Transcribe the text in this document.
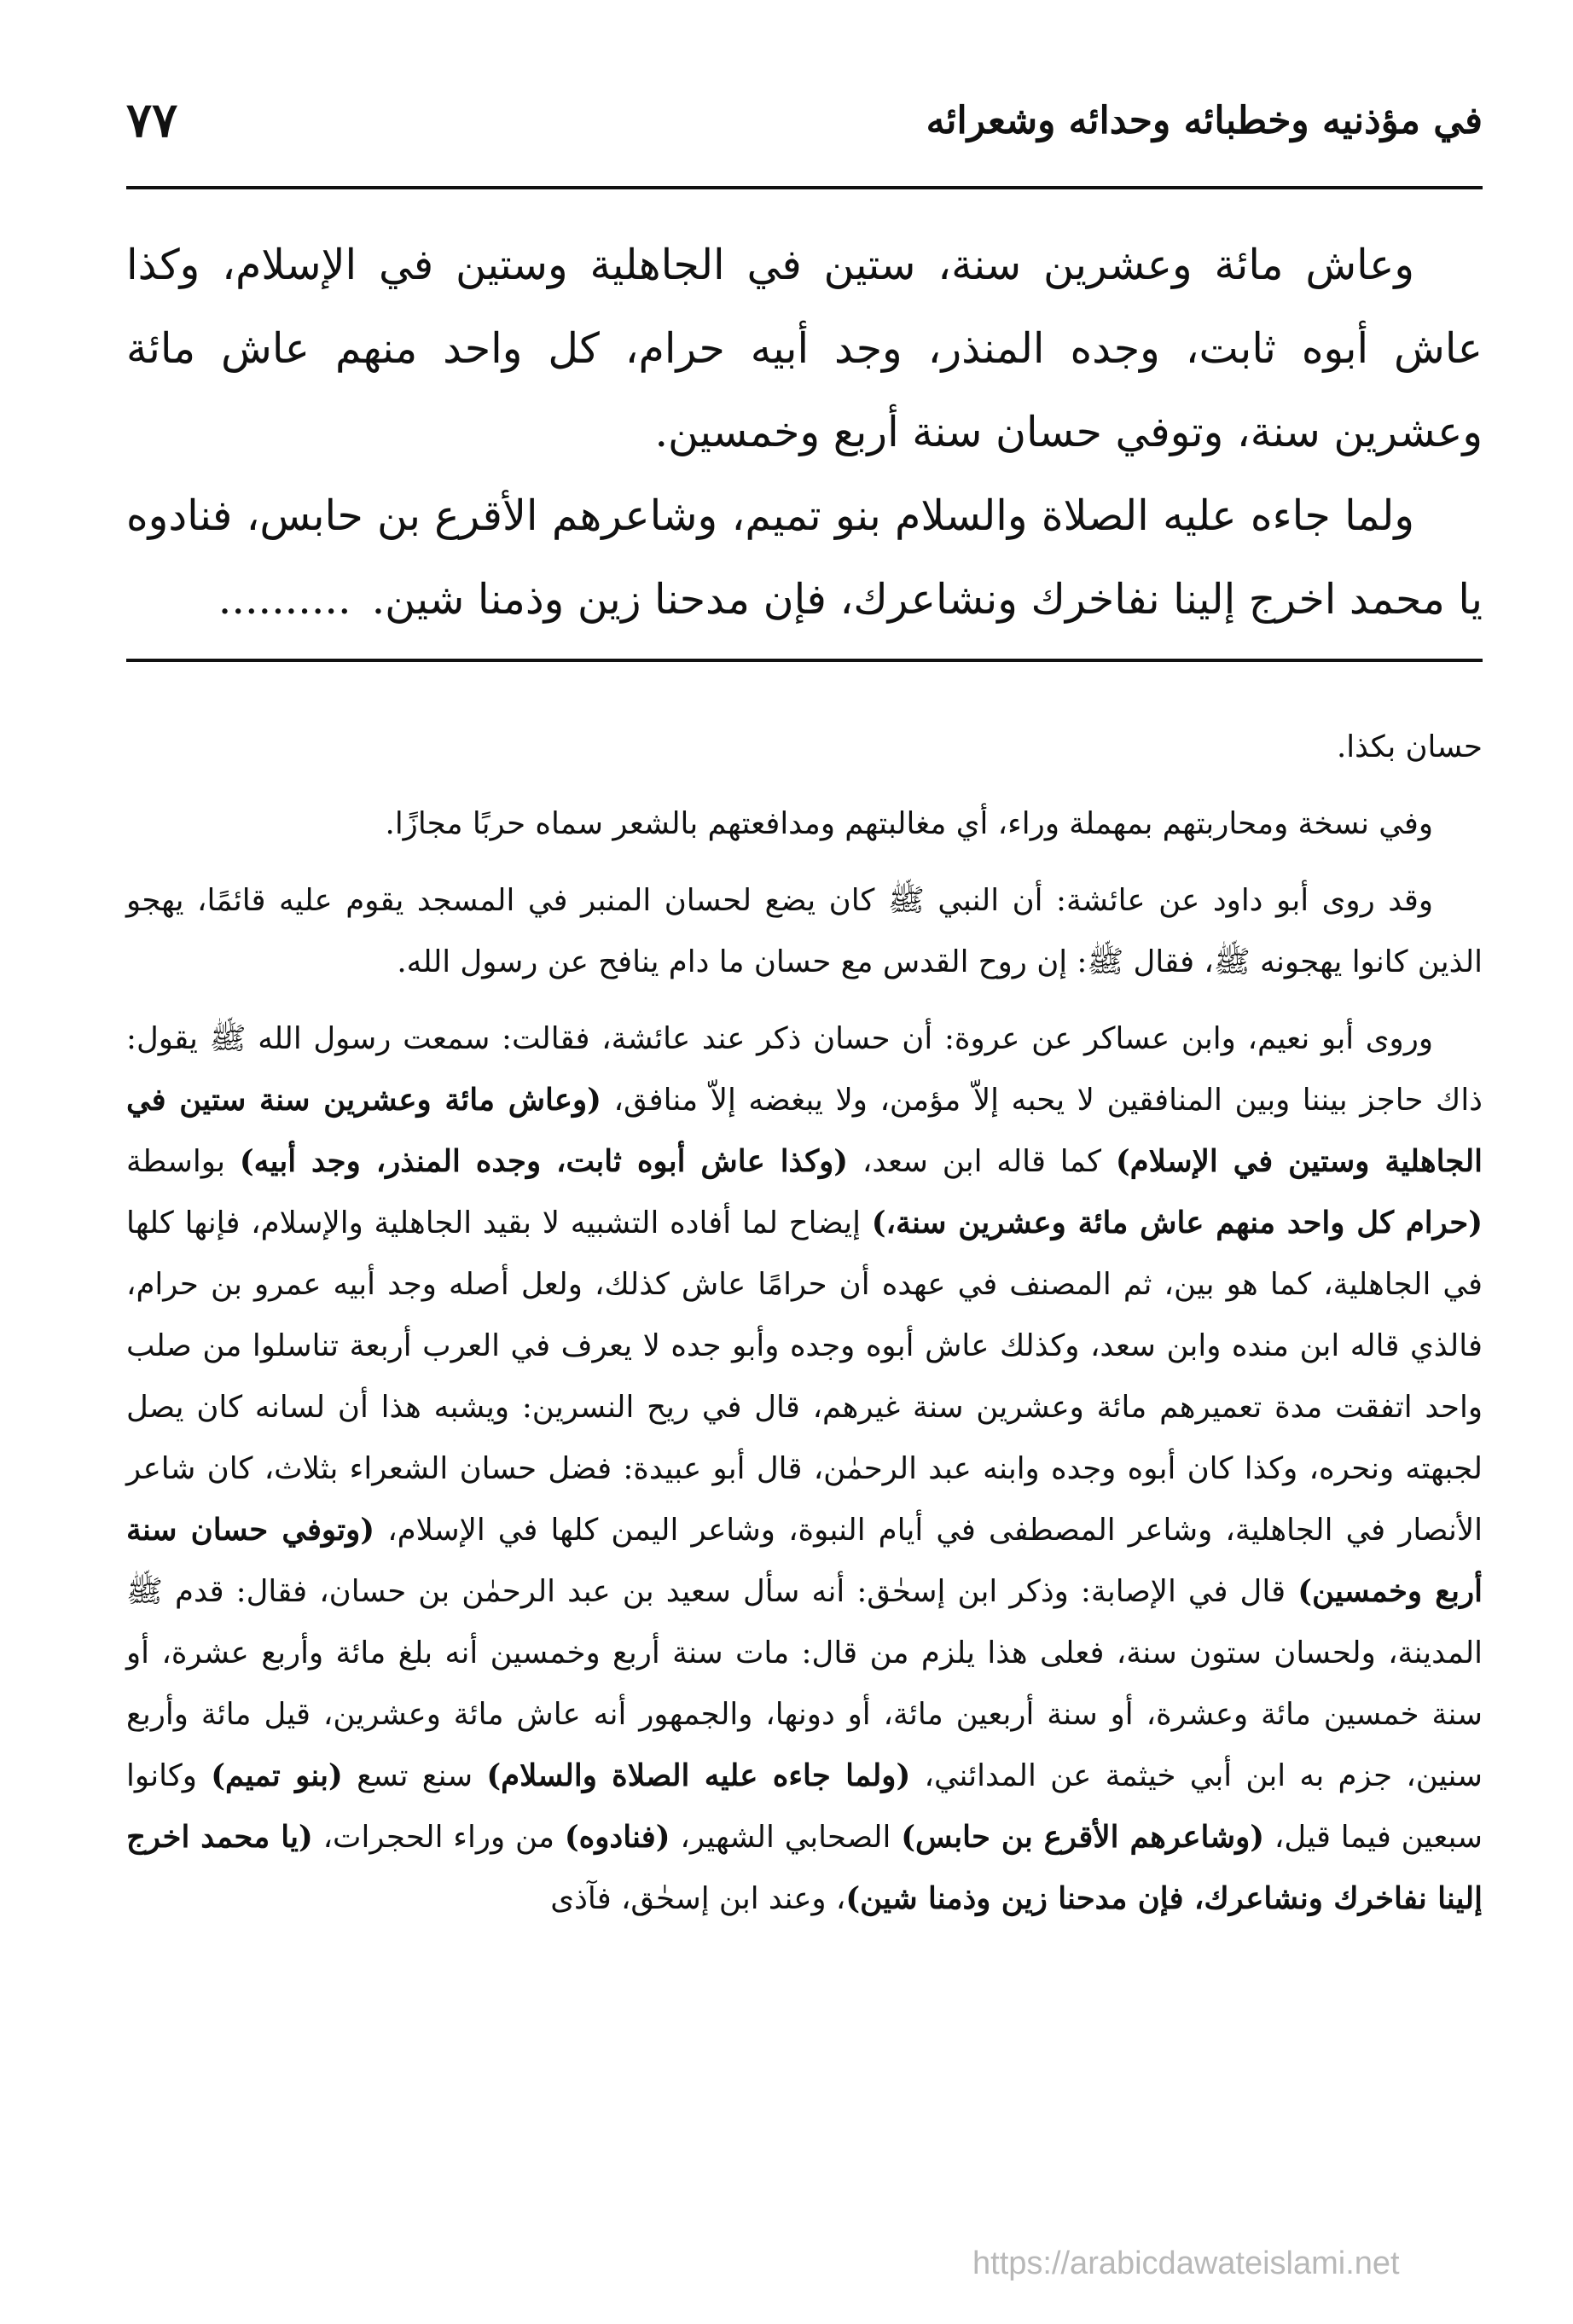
في مؤذنيه وخطبائه وحدائه وشعرائه
٧٧

وعاش مائة وعشرين سنة، ستين في الجاهلية وستين في الإسلام، وكذا عاش أبوه ثابت، وجده المنذر، وجد أبيه حرام، كل واحد منهم عاش مائة وعشرين سنة، وتوفي حسان سنة أربع وخمسين.

ولما جاءه عليه الصلاة والسلام بنو تميم، وشاعرهم الأقرع بن حابس، فنادوه يا محمد اخرج إلينا نفاخرك ونشاعرك، فإن مدحنا زين وذمنا شين...........

حسان بكذا.

وفي نسخة ومحاربتهم بمهملة وراء، أي مغالبتهم ومدافعتهم بالشعر سماه حربًا مجازًا.

وقد روى أبو داود عن عائشة: أن النبي ﷺ كان يضع لحسان المنبر في المسجد يقوم عليه قائمًا، يهجو الذين كانوا يهجونه ﷺ، فقال ﷺ: إن روح القدس مع حسان ما دام ينافح عن رسول الله.

وروى أبو نعيم، وابن عساكر عن عروة: أن حسان ذكر عند عائشة، فقالت: سمعت رسول الله ﷺ يقول: ذاك حاجز بيننا وبين المنافقين لا يحبه إلاّ مؤمن، ولا يبغضه إلاّ منافق، (وعاش مائة وعشرين سنة ستين في الجاهلية وستين في الإسلام) كما قاله ابن سعد، (وكذا عاش أبوه ثابت، وجده المنذر، وجد أبيه) بواسطة (حرام كل واحد منهم عاش مائة وعشرين سنة،) إيضاح لما أفاده التشبيه لا بقيد الجاهلية والإسلام، فإنها كلها في الجاهلية، كما هو بين، ثم المصنف في عهده أن حرامًا عاش كذلك، ولعل أصله وجد أبيه عمرو بن حرام، فالذي قاله ابن منده وابن سعد، وكذلك عاش أبوه وجده وأبو جده لا يعرف في العرب أربعة تناسلوا من صلب واحد اتفقت مدة تعميرهم مائة وعشرين سنة غيرهم، قال في ريح النسرين: ويشبه هذا أن لسانه كان يصل لجبهته ونحره، وكذا كان أبوه وجده وابنه عبد الرحمٰن، قال أبو عبيدة: فضل حسان الشعراء بثلاث، كان شاعر الأنصار في الجاهلية، وشاعر المصطفى في أيام النبوة، وشاعر اليمن كلها في الإسلام، (وتوفي حسان سنة أربع وخمسين) قال في الإصابة: وذكر ابن إسحٰق: أنه سأل سعيد بن عبد الرحمٰن بن حسان، فقال: قدم ﷺ المدينة، ولحسان ستون سنة، فعلى هذا يلزم من قال: مات سنة أربع وخمسين أنه بلغ مائة وأربع عشرة، أو سنة خمسين مائة وعشرة، أو سنة أربعين مائة، أو دونها، والجمهور أنه عاش مائة وعشرين، قيل مائة وأربع سنين، جزم به ابن أبي خيثمة عن المدائني، (ولما جاءه عليه الصلاة والسلام) سنع تسع (بنو تميم) وكانوا سبعين فيما قيل، (وشاعرهم الأقرع بن حابس) الصحابي الشهير، (فنادوه) من وراء الحجرات، (يا محمد اخرج إلينا نفاخرك ونشاعرك، فإن مدحنا زين وذمنا شين)، وعند ابن إسحٰق، فآذى

https://arabicdawateislami.net
